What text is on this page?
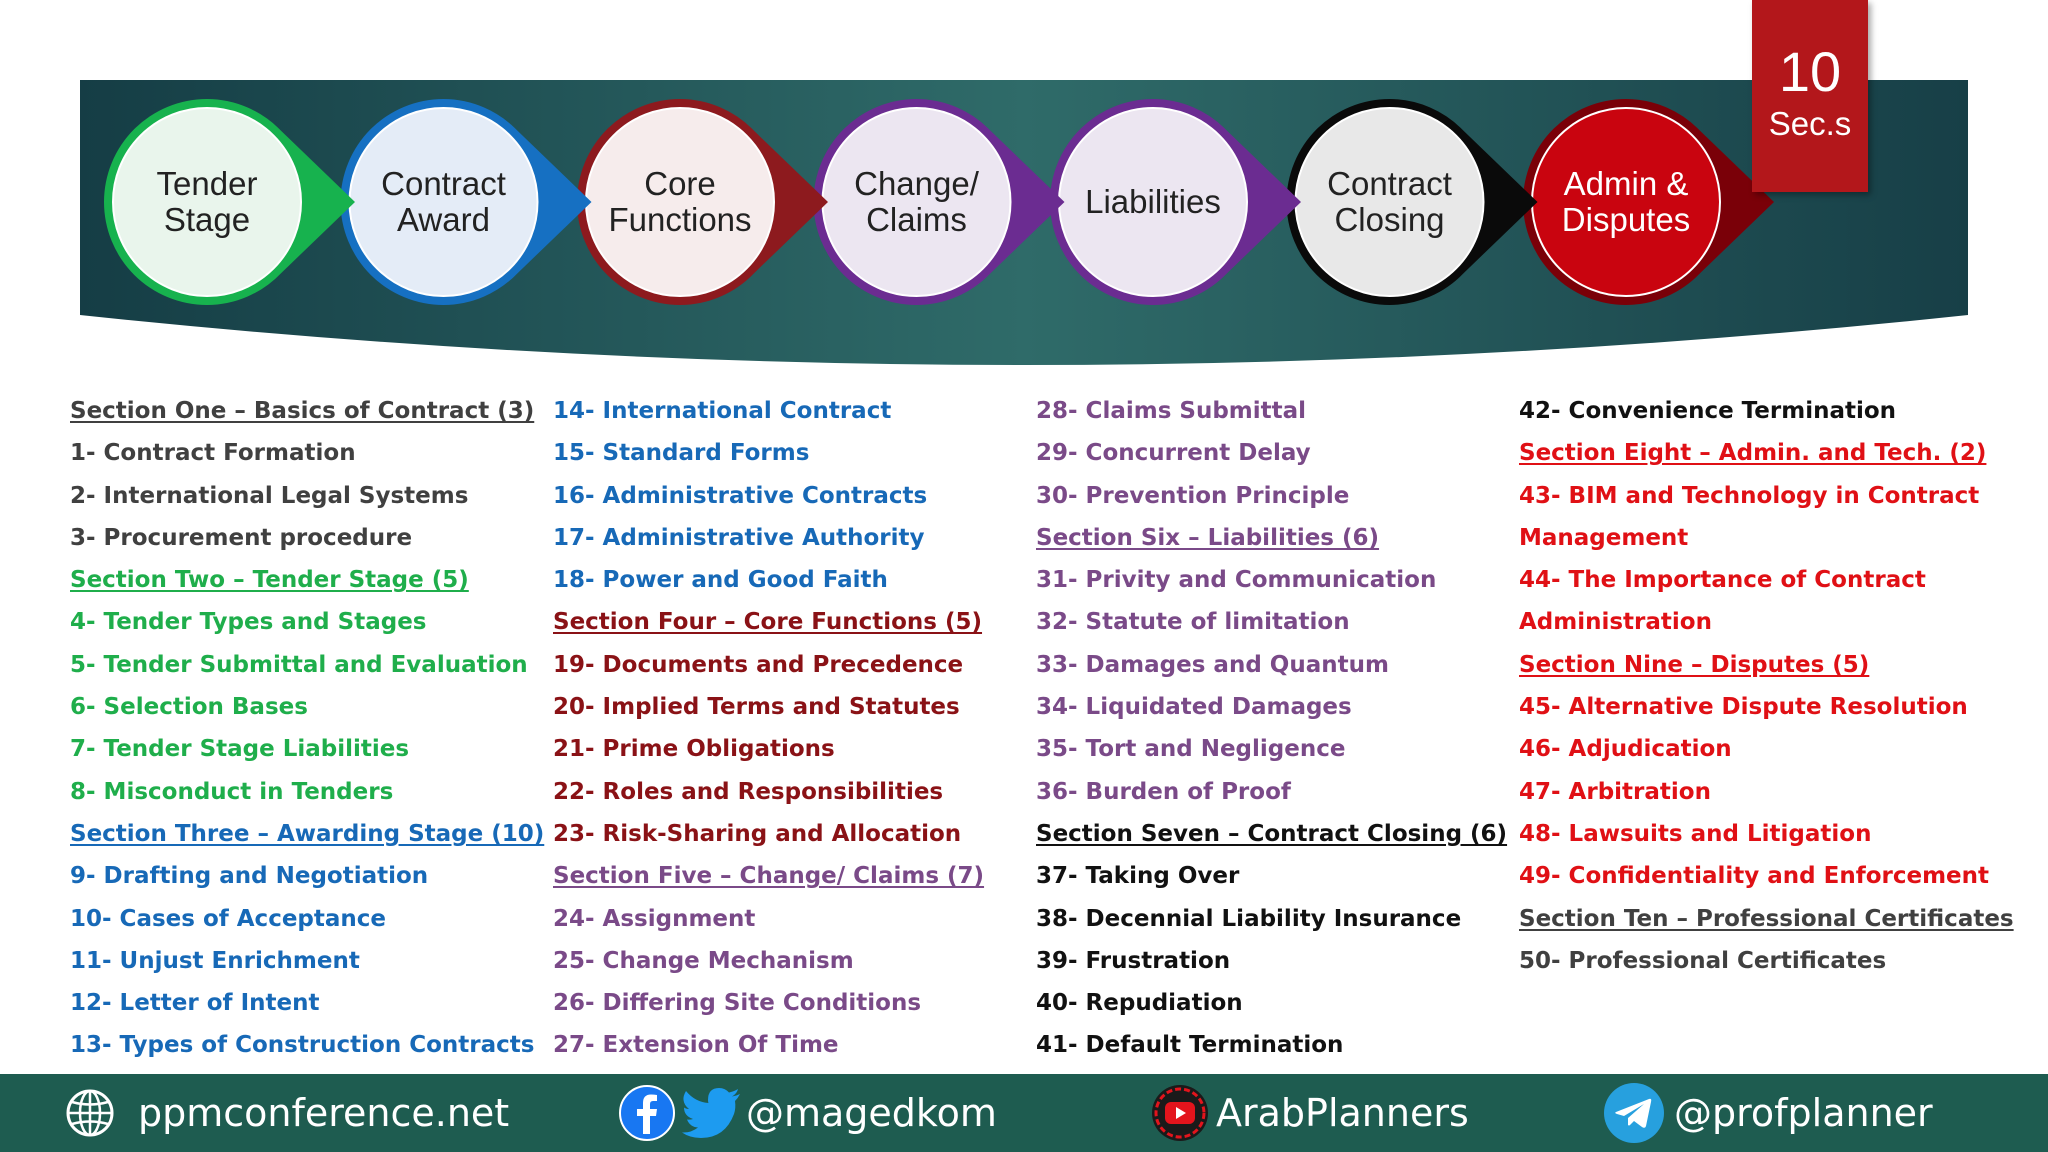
Admin &
Disputes
Contract
Closing
Liabilities
Change/
Claims
Core
Functions
Contract
Award
Tender
Stage
10
Sec.s
Section One – Basics of Contract (3)
1- Contract Formation
2- International Legal Systems
3- Procurement procedure
Section Two – Tender Stage (5)
4- Tender Types and Stages
5- Tender Submittal and Evaluation
6- Selection Bases
7- Tender Stage Liabilities
8- Misconduct in Tenders
Section Three – Awarding Stage (10)
9- Drafting and Negotiation
10- Cases of Acceptance
11- Unjust Enrichment
12- Letter of Intent
13- Types of Construction Contracts
14- International Contract
15- Standard Forms
16- Administrative Contracts
17- Administrative Authority
18- Power and Good Faith
Section Four – Core Functions (5)
19- Documents and Precedence
20- Implied Terms and Statutes
21- Prime Obligations
22- Roles and Responsibilities
23- Risk-Sharing and Allocation
Section Five – Change/ Claims (7)
24- Assignment
25- Change Mechanism
26- Differing Site Conditions
27- Extension Of Time
28- Claims Submittal
29- Concurrent Delay
30- Prevention Principle
Section Six – Liabilities (6)
31- Privity and Communication
32- Statute of limitation
33- Damages and Quantum
34- Liquidated Damages
35- Tort and Negligence
36- Burden of Proof
Section Seven – Contract Closing (6)
37- Taking Over
38- Decennial Liability Insurance
39- Frustration
40- Repudiation
41- Default Termination
42- Convenience Termination
Section Eight – Admin. and Tech. (2)
43- BIM and Technology in Contract
Management
44- The Importance of Contract
Administration
Section Nine – Disputes (5)
45- Alternative Dispute Resolution
46- Adjudication
47- Arbitration
48- Lawsuits and Litigation
49- Confidentiality and Enforcement
Section Ten – Professional Certificates
50- Professional Certificates
ppmconference.net	@magedkom	ArabPlanners	@profplanner
